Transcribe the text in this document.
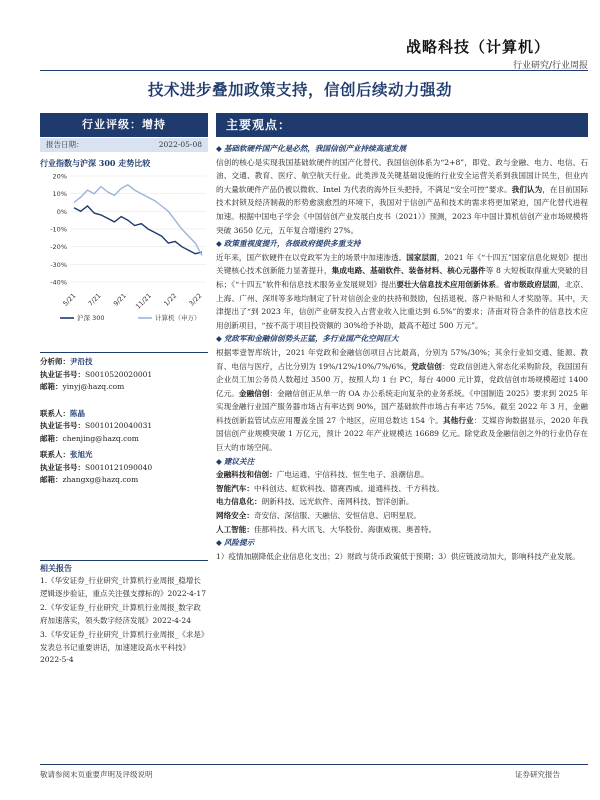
战略科技（计算机）
行业研究/行业周报
技术进步叠加政策支持，信创后续动力强劲
行业评级：增持
报告日期：	2022-05-08
行业指数与沪深 300 走势比较
20%
10%
0%
-10%
-20%
-30%
-40%
5/21 7/21 9/21 11/21 1/22 3/22
沪深 300	计算机（申万）
分析师：尹沿技
执业证书号：S0010520020001
邮箱：yinyj@hazq.com
联系人：陈晶
执业证书号：S0010120040031
邮箱：chenjing@hazq.com
联系人：张旭光
执业证书号：S0010121090040
邮箱：zhangxg@hazq.com
相关报告

1.《华安证券_行业研究_计算机行业周报_稳增长逻辑逐步验证，重点关注强支撑标的》2022-4-17

2.《华安证券_行业研究_计算机行业周报_数字政府加速落实，领头数字经济发展》2022-4-24

3.《华安证券_行业研究_计算机行业周报_《求是》发表总书记重要讲话，加速建设高水平科技》2022-5-4

主要观点：
◆ 基础软硬件国产化是必然，我国信创产业持续高速发展
信创的核心是实现我国基础软硬件的国产化替代。我国信创体系为“2+8”，即党、政与金融、电力、电信、石油、交通、教育、医疗、航空航天行业。此类涉及关键基础设施的行业安全运营关系到我国国计民生，但业内的大量软硬件产品仍被以微软、Intel 为代表的海外巨头把持，不满足“安全可控”要求。我们认为，在目前国际技术封锁及经济制裁的形势愈演愈烈的环境下，我国对于信创产品和技术的需求将更加紧迫，国产化替代进程加速。根据中国电子学会《中国信创产业发展白皮书（2021）》预测，2023 年中国计算机信创产业市场规模将突破 3650 亿元，五年复合增速约 27%。
◆ 政策重视度提升，各级政府提供多重支持
近年来，国产软硬件在以党政军为主的场景中加速渗透。国家层面，2021 年《“十四五”国家信息化规划》提出关键核心技术创新能力显著提升，集成电路、基础软件、装备材料、核心元器件等 8 大短板取得重大突破的目标；《“十四五”软件和信息技术服务业发展规划》提出要壮大信息技术应用创新体系。省市级政府层面，北京、上海、广州、深圳等多地均制定了针对信创企业的扶持和鼓励，包括退税、落户补贴和人才奖励等。其中，天津提出了“到 2023 年，信创产业研发投入占营业收入比重达到 6.5%”的要求；济南对符合条件的信息技术应用创新项目，“按不高于项目投资额的 30%给予补助，最高不超过 500 万元”。
◆ 党政军和金融信创势头正猛，多行业国产化空间巨大
根据零壹智库统计，2021 年党政和金融信创项目占比最高，分别为 57%/30%；其余行业如交通、能源、教育、电信与医疗，占比分别为 19%/12%/10%/7%/6%。党政信创：党政信创进入常态化采购阶段，我国国有企业员工加公务员人数超过 3500 万，按照人均 1 台 PC，每台 4000 元计算，党政信创市场规模超过 1400 亿元。金融信创：金融信创正从单一的 OA 办公系统走向复杂的业务系统。《中国制造 2025》要求到 2025 年实现金融行业国产服务器市场占有率达到 90%，国产基础软件市场占有率达 75%。截至 2022 年 3 月，金融科技创新监管试点应用覆盖全国 27 个地区，应用总数达 154 个。其他行业：艾媒咨询数据显示，2020 年我国信创产业规模突破 1 万亿元，预计 2022 年产业规模达 16689 亿元。除党政及金融信创之外的行业仍存在巨大的市场空间。
◆ 建议关注
金融科技和信创：广电运通、宇信科技、恒生电子、浪潮信息。
智能汽车：中科创达、虹软科技、德赛西威、道通科技、千方科技。
电力信息化：朗新科技、远光软件、南网科技、智洋创新。
网络安全：奇安信、深信服、天融信、安恒信息、启明星辰。
人工智能：佳都科技、科大讯飞、大华股份、海康威视、奥普特。
◆ 风险提示
1）疫情加剧降低企业信息化支出；2）财政与货币政策低于预期；3）供应链波动加大，影响科技产业发展。
敬请参阅末页重要声明及评级说明	证券研究报告
